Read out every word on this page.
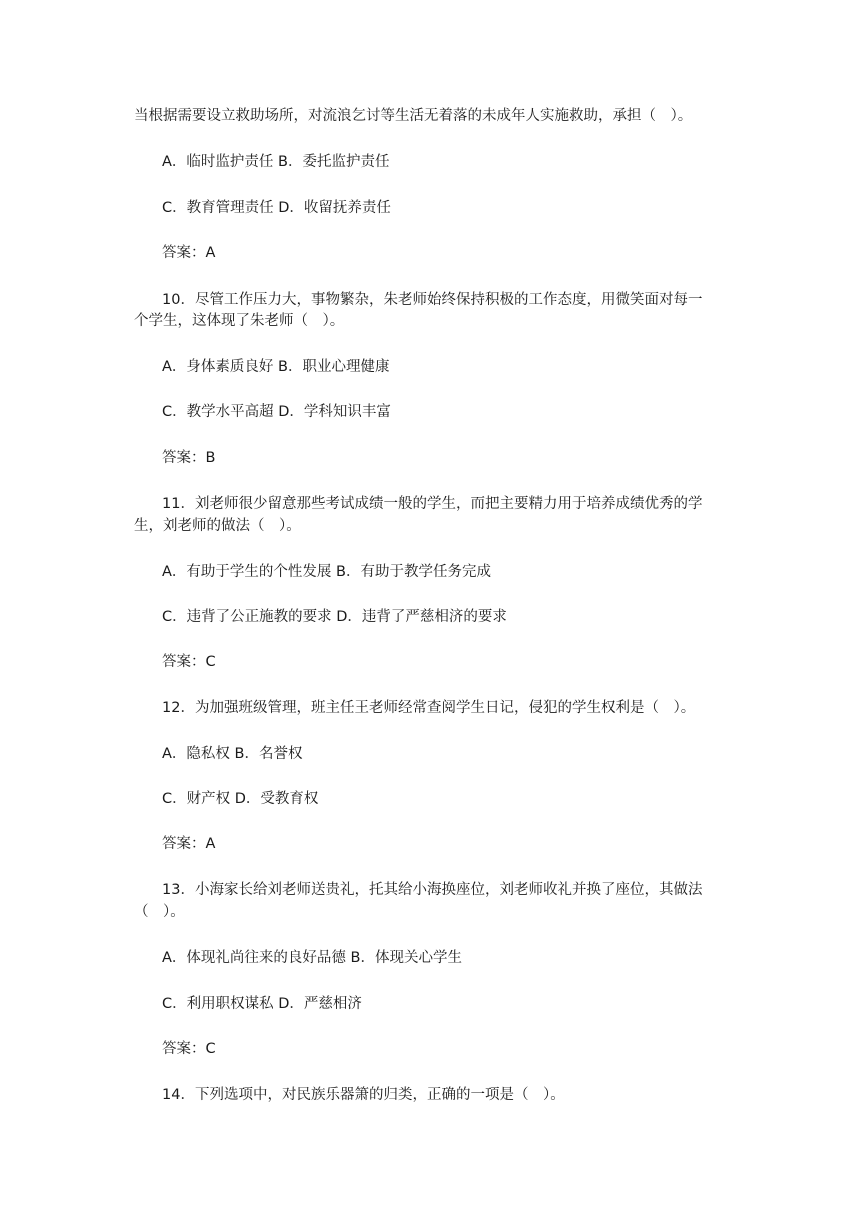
当根据需要设立救助场所，对流浪乞讨等生活无着落的未成年人实施救助，承担（　）。
A．临时监护责任 B．委托监护责任
C．教育管理责任 D．收留抚养责任
答案：A
10．尽管工作压力大，事物繁杂，朱老师始终保持积极的工作态度，用微笑面对每一
个学生，这体现了朱老师（　）。
A．身体素质良好 B．职业心理健康
C．教学水平高超 D．学科知识丰富
答案：B
11．刘老师很少留意那些考试成绩一般的学生，而把主要精力用于培养成绩优秀的学
生，刘老师的做法（　）。
A．有助于学生的个性发展 B．有助于教学任务完成
C．违背了公正施教的要求 D．违背了严慈相济的要求
答案：C
12．为加强班级管理，班主任王老师经常查阅学生日记，侵犯的学生权利是（　）。
A．隐私权 B．名誉权
C．财产权 D．受教育权
答案：A
13．小海家长给刘老师送贵礼，托其给小海换座位，刘老师收礼并换了座位，其做法
（　）。
A．体现礼尚往来的良好品德 B．体现关心学生
C．利用职权谋私 D．严慈相济
答案：C
14．下列选项中，对民族乐器箫的归类，正确的一项是（　）。
